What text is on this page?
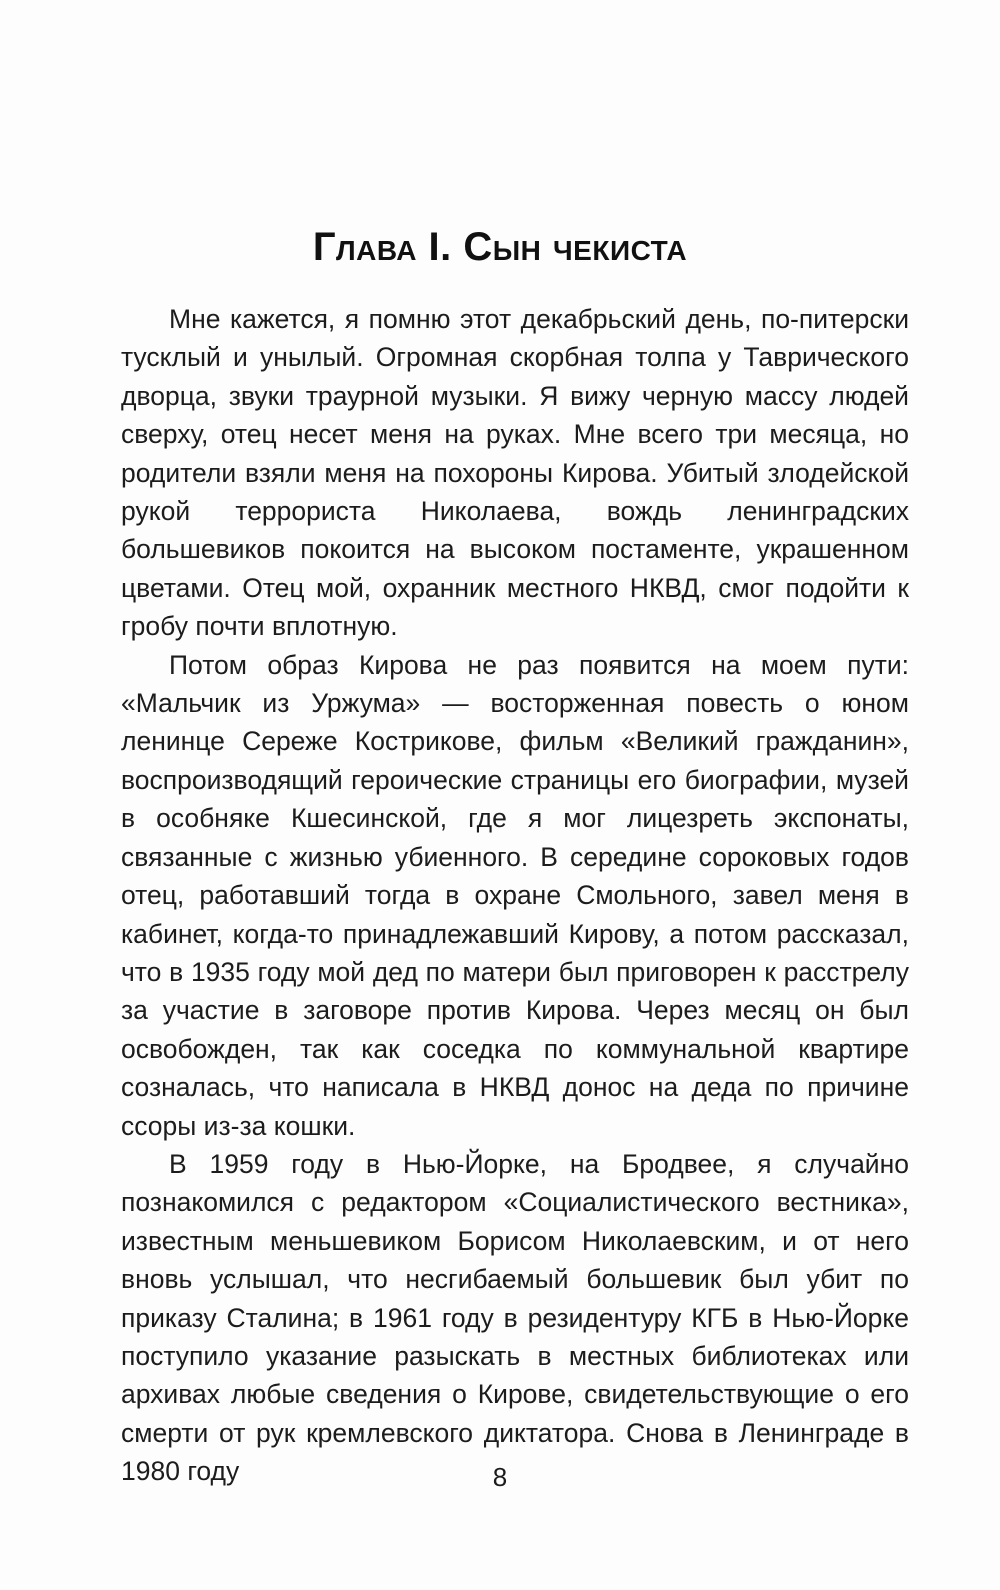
Глава I. Сын чекиста

Мне кажется, я помню этот декабрьский день, по-питерски тусклый и унылый. Огромная скорбная толпа у Таврического дворца, звуки траурной музыки. Я вижу черную массу людей сверху, отец несет меня на руках. Мне всего три месяца, но родители взяли меня на похороны Кирова. Убитый злодейской рукой террориста Николаева, вождь ленинградских большевиков покоится на высоком постаменте, украшенном цветами. Отец мой, охранник местного НКВД, смог подойти к гробу почти вплотную.

Потом образ Кирова не раз появится на моем пути: «Мальчик из Уржума» — восторженная повесть о юном ленинце Сереже Кострикове, фильм «Великий гражданин», воспроизводящий героические страницы его биографии, музей в особняке Кшесинской, где я мог лицезреть экспонаты, связанные с жизнью убиенного. В середине сороковых годов отец, работавший тогда в охране Смольного, завел меня в кабинет, когда-то принадлежавший Кирову, а потом рассказал, что в 1935 году мой дед по матери был приговорен к расстрелу за участие в заговоре против Кирова. Через месяц он был освобожден, так как соседка по коммунальной квартире созналась, что написала в НКВД донос на деда по причине ссоры из-за кошки.

В 1959 году в Нью-Йорке, на Бродвее, я случайно познакомился с редактором «Социалистического вестника», известным меньшевиком Борисом Николаевским, и от него вновь услышал, что несгибаемый большевик был убит по приказу Сталина; в 1961 году в резидентуру КГБ в Нью-Йорке поступило указание разыскать в местных библиотеках или архивах любые сведения о Кирове, свидетельствующие о его смерти от рук кремлевского диктатора. Снова в Ленинграде в 1980 году	8
